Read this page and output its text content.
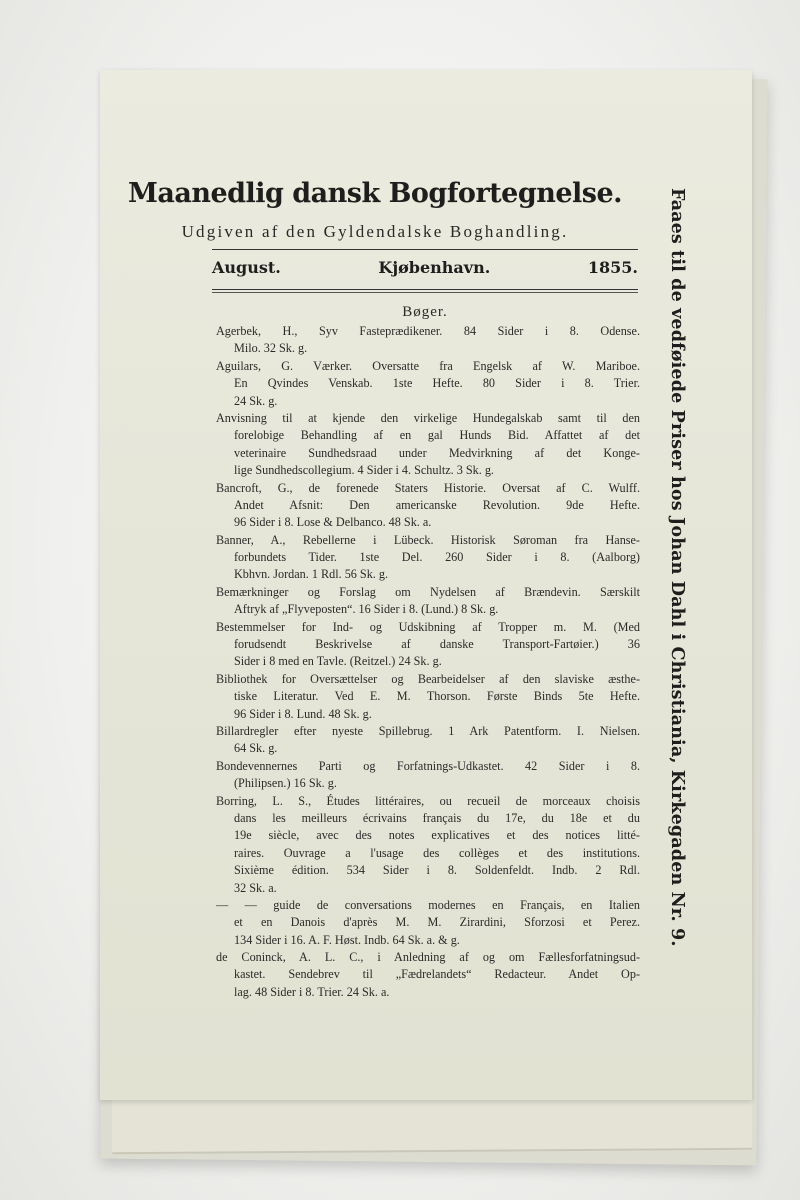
Maanedlig dansk Bogfortegnelse.
Udgiven af den Gyldendalske Boghandling.
August.	Kjøbenhavn.	1855.
Bøger.
Agerbek, H., Syv Fasteprædikener. 84 Sider i 8. Odense.
Milo. 32 Sk. g.
Aguilars, G. Værker. Oversatte fra Engelsk af W. Mariboe.
En Qvindes Venskab. 1ste Hefte. 80 Sider i 8. Trier.
24 Sk. g.
Anvisning til at kjende den virkelige Hundegalskab samt til den
forelobige Behandling af en gal Hunds Bid. Affattet af det
veterinaire Sundhedsraad under Medvirkning af det Konge-
lige Sundhedscollegium. 4 Sider i 4. Schultz. 3 Sk. g.
Bancroft, G., de forenede Staters Historie. Oversat af C. Wulff.
Andet Afsnit: Den americanske Revolution. 9de Hefte.
96 Sider i 8. Lose & Delbanco. 48 Sk. a.
Banner, A., Rebellerne i Lübeck. Historisk Søroman fra Hanse-
forbundets Tider. 1ste Del. 260 Sider i 8. (Aalborg)
Kbhvn. Jordan. 1 Rdl. 56 Sk. g.
Bemærkninger og Forslag om Nydelsen af Brændevin. Særskilt
Aftryk af „Flyveposten“. 16 Sider i 8. (Lund.) 8 Sk. g.
Bestemmelser for Ind- og Udskibning af Tropper m. M. (Med
forudsendt Beskrivelse af danske Transport-Fartøier.) 36
Sider i 8 med en Tavle. (Reitzel.) 24 Sk. g.
Bibliothek for Oversættelser og Bearbeidelser af den slaviske æsthe-
tiske Literatur. Ved E. M. Thorson. Første Binds 5te Hefte.
96 Sider i 8. Lund. 48 Sk. g.
Billardregler efter nyeste Spillebrug. 1 Ark Patentform. I. Nielsen.
64 Sk. g.
Bondevennernes Parti og Forfatnings-Udkastet. 42 Sider i 8.
(Philipsen.) 16 Sk. g.
Borring, L. S., Études littéraires, ou recueil de morceaux choisis
dans les meilleurs écrivains français du 17e, du 18e et du
19e siècle, avec des notes explicatives et des notices litté-
raires. Ouvrage a l'usage des collèges et des institutions.
Sixième édition. 534 Sider i 8. Soldenfeldt. Indb. 2 Rdl.
32 Sk. a.
— — guide de conversations modernes en Français, en Italien
et en Danois d'après M. M. Zirardini, Sforzosi et Perez.
134 Sider i 16. A. F. Høst. Indb. 64 Sk. a. & g.
de Coninck, A. L. C., i Anledning af og om Fællesforfatningsud-
kastet. Sendebrev til „Fædrelandets“ Redacteur. Andet Op-
lag. 48 Sider i 8. Trier. 24 Sk. a.
Faaes til de vedføiede Priser hos Johan Dahl i Christiania, Kirkegaden Nr. 9.
